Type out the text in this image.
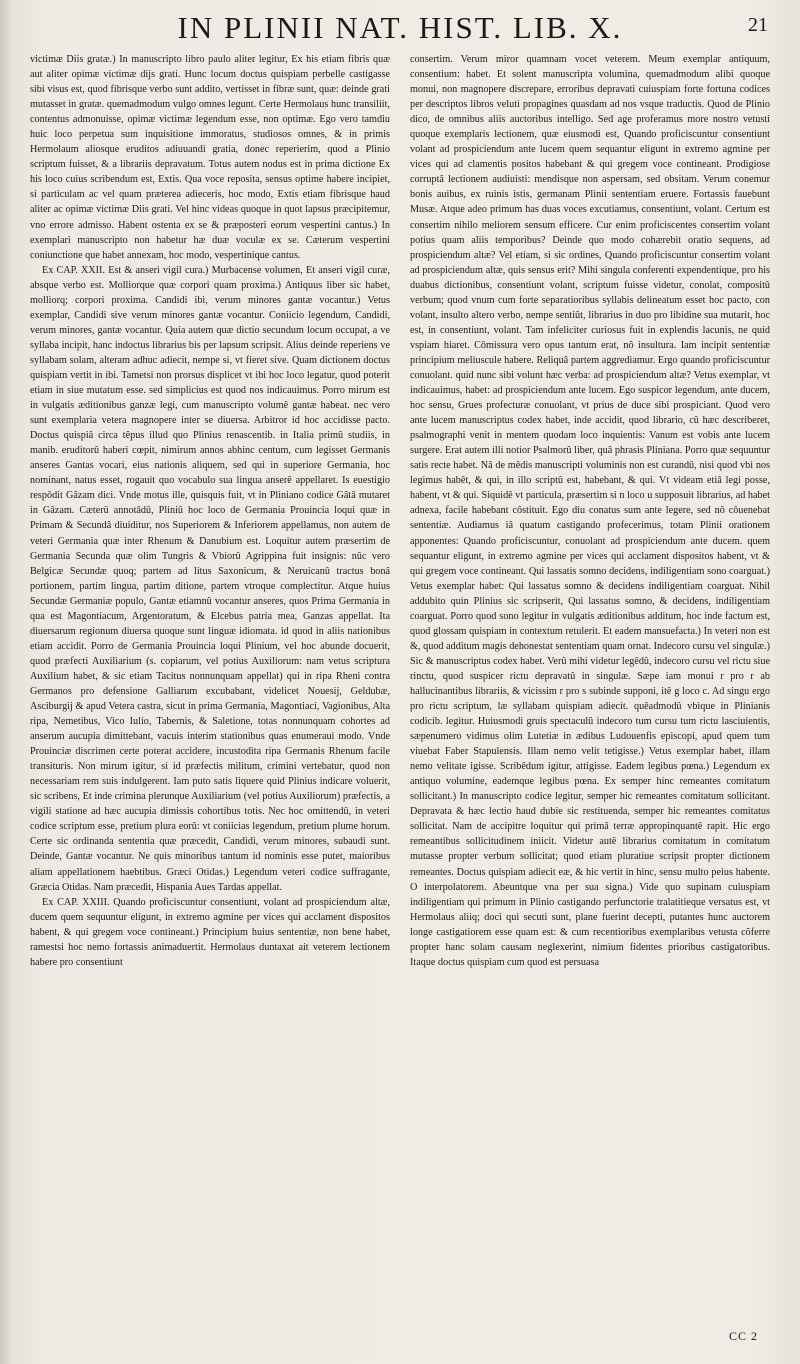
IN PLINII NAT. HIST. LIB. X.	21

victimæ Diis gratæ.) In manuscripto libro paulo aliter legitur, Ex his etiam fibris quæ aut aliter opimæ victimæ dijs grati. Hunc locum doctus quispiam perbelle castigasse sibi visus est, quod fibrisque verbo sunt addito, vertisset in fibræ sunt, quæ: deinde grati mutasset in gratæ. quemadmodum vulgo omnes legunt. Certe Hermolaus hunc transiliit, contentus admonuisse, opimæ victimæ legendum esse, non optimæ. Ego vero tamdiu huic loco perpetua sum inquisitione immoratus, studiosos omnes, & in primis Hermolaum aliosque eruditos adiuuandi gratia, donec reperierim, quod a Plinio scriptum fuisset, & a librariis depravatum. Totus autem nodus est in prima dictione Ex his loco cuius scribendum est, Extis. Qua voce reposita, sensus optime habere incipiet, si particulam ac vel quam præterea adieceris, hoc modo, Extis etiam fibrisque haud aliter ac opimæ victimæ Diis grati. Vel hinc videas quoque in quot lapsus præcipitemur, vno errore admisso. Habent ostenta ex se & præposteri eorum vespertini cantus.) In exemplari manuscripto non habetur hæ duæ voculæ ex se. Cæterum vespertini coniunctione que habet annexam, hoc modo, vespertinique cantus.

Ex CAP. XXII. Est & anseri vigil cura.) Murbacense volumen, Et anseri vigil curæ, absque verbo est. Molliorque quæ corpori quam proxima.) Antiquus liber sic habet, molliorq; corpori proxima. Candidi ibi, verum minores gantæ vocantur.) Vetus exemplar, Candidi sive verum minores gantæ vocantur. Coniicio legendum, Candidi, verum minores, gantæ vocantur. Quia autem quæ dictio secundum locum occupat, a ve syllaba incipit, hanc indoctus librarius bis per lapsum scripsit. Alius deinde reperiens ve syllabam solam, alteram adhuc adiecit, nempe si, vt fieret sive. Quam dictionem doctus quispiam vertit in ibi. Tametsi non prorsus displicet vt ibi hoc loco legatur, quod poterit etiam in siue mutatum esse. sed simplicius est quod nos indicauimus. Porro mirum est in vulgatis æditionibus ganzæ legi, cum manuscripto volumê gantæ habeat. nec vero sunt exemplaria vetera magnopere inter se diuersa. Arbitror id hoc accidisse pacto. Doctus quispiâ circa têpus illud quo Plinius renascentib. in Italia primû studiis, in manib. eruditorû haberi cœpit, nimirum annos abhinc centum, cum legisset Germanis anseres Gantas vocari, eius nationis aliquem, sed qui in superiore Germania, hoc nominant, natus esset, rogauit quo vocabulo sua lingua anserê appellaret. Is euestigio respôdit Gâzam dici. Vnde motus ille, quisquis fuit, vt in Pliniano codice Gâtâ mutaret in Gâzam. Cæterû annotâdû, Pliniû hoc loco de Germania Prouincia loqui quæ in Primam & Secundâ diuiditur, nos Superiorem & Inferiorem appellamus, non autem de veteri Germania quæ inter Rhenum & Danubium est. Loquitur autem præsertim de Germania Secunda quæ olim Tungris & Vbiorû Agrippina fuit insignis: nûc vero Belgicæ Secundæ quoq; partem ad litus Saxonicum, & Neruicanû tractus bonâ portionem, partim lingua, partim ditione, partem vtroque complectitur. Atque huius Secundæ Germaniæ populo, Gantæ etiamnû vocantur anseres, quos Prima Germania in qua est Magontiacum, Argentoratum, & Elcebus patria mea, Ganzas appellat. Ita diuersarum regionum diuersa quoque sunt linguæ idiomata. id quod in aliis nationibus etiam accidit. Porro de Germania Prouincia loqui Plinium, vel hoc abunde docuerit, quod præfecti Auxiliarium (s. copiarum, vel potius Auxiliorum: nam vetus scriptura Auxilium habet, & sic etiam Tacitus nonnunquam appellat) qui in ripa Rheni contra Germanos pro defensione Galliarum excubabant, videlicet Nouesij, Geldubæ, Asciburgij & apud Vetera castra, sicut in prima Germania, Magontiaci, Vagionibus, Alta ripa, Nemetibus, Vico Iulio, Tabernis, & Saletione, totas nonnunquam cohortes ad anserum aucupia dimittebant, vacuis interim stationibus quas enumeraui modo. Vnde Prouinciæ discrimen certe poterat accidere, incustodita ripa Germanis Rhenum facile transituris. Non mirum igitur, si id præfectis militum, crimini vertebatur, quod non necessariam rem suis indulgerent. Iam puto satis liquere quid Plinius indicare voluerit, sic scribens, Et inde crimina plerunque Auxiliarium (vel potius Auxiliorum) præfectis, a vigili statione ad hæc aucupia dimissis cohortibus totis. Nec hoc omittendû, in veteri codice scriptum esse, pretium plura eorû: vt coniicias legendum, pretium plume horum. Certe sic ordinanda sententia quæ præcedit, Candidi, verum minores, subaudi sunt. Deinde, Gantæ vocantur. Ne quis minoribus tantum id nominis esse putet, maioribus aliam appellationem haebtibus. Græci Otidas.) Legendum veteri codice suffragante, Græcia Otidas. Nam præcedit, Hispania Aues Tardas appellat.

Ex CAP. XXIII. Quando proficiscuntur consentiunt, volant ad prospiciendum altæ, ducem quem sequuntur eligunt, in extremo agmine per vices qui acclament dispositos habent, & qui gregem voce contineant.) Principium huius sententiæ, non bene habet, ramestsi hoc nemo fortassis animaduertit. Hermolaus duntaxat ait veterem lectionem habere pro consentiunt

consertim. Verum miror quamnam vocet veterem. Meum exemplar antiquum, consentium: habet. Et solent manuscripta volumina, quemadmodum alibi quoque monui, non magnopere discrepare, erroribus depravati cuiuspiam forte fortuna codices per descriptos libros veluti propagines quasdam ad nos vsque traductis. Quod de Plinio dico, de omnibus aliis auctoribus intelligo. Sed age proferamus more nostro vetusti quoque exemplaris lectionem, quæ eiusmodi est, Quando proficiscuntur consentiunt volant ad prospiciendum ante lucem quem sequantur eligunt in extremo agmine per vices qui ad clamentis positos habebant & qui gregem voce contineant. Prodigiose corruptâ lectionem audiuisti: mendisque non aspersam, sed obsitam. Verum conemur bonis auibus, ex ruinis istis, germanam Plinii sententiam eruere. Fortassis fauebunt Musæ. Atque adeo primum has duas voces excutiamus, consentiunt, volant. Certum est consertim nihilo meliorem sensum efficere. Cur enim proficiscentes consertim volant potius quam aliis temporibus? Deinde quo modo cohærebit oratio sequens, ad prospiciendum altæ? Vel etiam, si sic ordines, Quando proficiscuntur consertim volant ad prospiciendum altæ, quis sensus erit? Mihi singula conferenti expendentique, pro his duabus dictionibus, consentiunt volant, scriptum fuisse videtur, conolat, compositû verbum; quod vnum cum forte separatioribus syllabis delineatum esset hoc pacto, con volant, insulto altero verbo, nempe sentiût, librarius in duo pro libidine sua mutarit, hoc est, in consentiunt, volant. Tam infeliciter curiosus fuit in explendis lacunis, ne quid vspiam hiaret. Cômissura vero opus tantum erat, nô insultura. Iam incipit sententiæ principium meliuscule habere. Reliquâ partem aggrediamur. Ergo quando proficiscuntur conuolant. quid nunc sibi volunt hæc verba: ad prospiciendum altæ? Vetus exemplar, vt indicauimus, habet: ad prospiciendum ante lucem. Ego suspicor legendum, ante ducem, hoc sensu, Grues profecturæ conuolant, vt prius de duce sibi prospiciant. Quod vero ante lucem manuscriptus codex habet, inde accidit, quod librario, cû hæc describeret, psalmographi venit in mentem quodam loco inquientis: Vanum est vobis ante lucem surgere. Erat autem illi notior Psalmorû liber, quâ phrasis Pliniana. Porro quæ sequuntur satis recte habet. Nâ de mêdis manuscripti voluminis non est curandû, nisi quod vbi nos legimus habêt, & qui, in illo scriptû est, habebant, & qui. Vt videam etiâ legi posse, habent, vt & qui. Siquidê vt particula, præsertim si n loco u supposuit librarius, ad habet adnexa, facile habebant côstituit. Ego diu conatus sum ante legere, sed nô côuenebat sententiæ. Audiamus iâ quatum castigando profecerimus, totam Plinii orationem apponentes: Quando proficiscuntur, conuolant ad prospiciendum ante ducem. quem sequantur eligunt, in extremo agmine per vices qui acclament dispositos habent, vt & qui gregem voce contineant. Qui lassatis somno decidens, indiligentiam sono coarguat.) Vetus exemplar habet: Qui lassatus somno & decidens indiligentiam coarguat. Nihil addubito quin Plinius sic scripserit, Qui lassatus somno, & decidens, indiligentiam coarguat. Porro quod sono legitur in vulgatis æditionibus additum, hoc inde factum est, quod glossam quispiam in contextum retulerit. Et eadem mansuefacta.) In veteri non est &, quod additum magis dehonestat sententiam quam ornat. Indecoro cursu vel singulæ.) Sic & manuscriptus codex habet. Verû mihi videtur legêdû, indecoro cursu vel rictu siue rinctu, quod suspicer rictu depravatû in singulæ. Sæpe iam monui r pro r ab hallucinantibus librariis, & vicissim r pro s subinde supponi, itê g loco c. Ad singu ergo pro rictu scriptum, læ syllabam quispiam adiecit. quêadmodû vbique in Plinianis codicib. legitur. Huiusmodi gruis spectaculû indecoro tum cursu tum rictu lasciuientis, sæpenumero vidimus olim Lutetiæ in ædibus Ludouenfis episcopi, apud quem tum viuebat Faber Stapulensis. Illam nemo velit tetigisse.) Vetus exemplar habet, illam nemo velitate igisse. Scribêdum igitur, attigisse. Eadem legibus pœna.) Legendum ex antiquo volumine, eademque legibus pœna. Ex semper hinc remeantes comitatum sollicitant.) In manuscripto codice legitur, semper hic remeantes comitatum sollicitant. Depravata & hæc lectio haud dubie sic restituenda, semper hic remeantes comitatus sollicitat. Nam de accipitre loquitur qui primâ terræ appropinquantê rapit. Hic ergo remeantibus sollicitudinem iniicit. Videtur autê librarius comitatum in comitatum mutasse propter verbum sollicitat; quod etiam pluratiue scripsit propter dictionem remeantes. Doctus quispiam adiecit eæ, & hic vertit in hinc, sensu multo peius habente. O interpolatorem. Abeuntque vna per sua signa.) Vide quo supinam cuiuspiam indiligentiam qui primum in Plinio castigando perfunctorie tralatitieque versatus est, vt Hermolaus aliiq; doci qui secuti sunt, plane fuerint decepti, putantes hunc auctorem longe castigatiorem esse quam est: & cum recentioribus exemplaribus vetusta cõferre propter hanc solam causam neglexerint, nimium fidentes prioribus castigatoribus. Itaque doctus quispiam cum quod est persuasa

CC 2
